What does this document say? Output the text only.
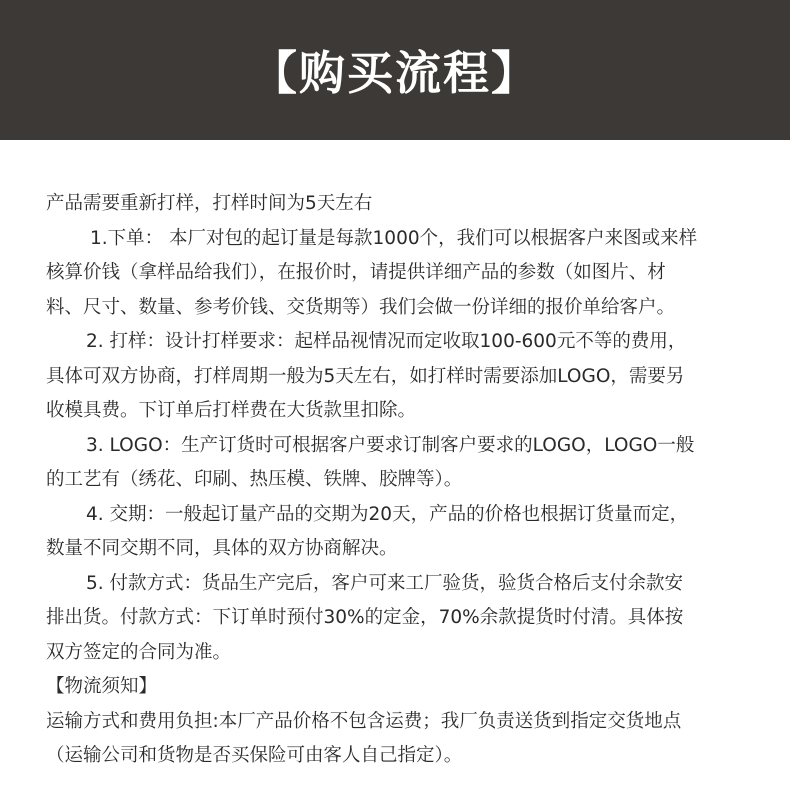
【购买流程】
产品需要重新打样，打样时间为5天左右
1.下单： 本厂对包的起订量是每款1000个，我们可以根据客户来图或来样
核算价钱（拿样品给我们），在报价时，请提供详细产品的参数（如图片、材
料、尺寸、数量、参考价钱、交货期等）我们会做一份详细的报价单给客户。
2. 打样：设计打样要求：起样品视情况而定收取100-600元不等的费用，
具体可双方协商，打样周期一般为5天左右，如打样时需要添加LOGO，需要另
收模具费。下订单后打样费在大货款里扣除。
3. LOGO：生产订货时可根据客户要求订制客户要求的LOGO，LOGO一般
的工艺有（绣花、印刷、热压模、铁牌、胶牌等）。
4. 交期：一般起订量产品的交期为20天，产品的价格也根据订货量而定，
数量不同交期不同，具体的双方协商解决。
5. 付款方式：货品生产完后，客户可来工厂验货，验货合格后支付余款安
排出货。付款方式：下订单时预付30%的定金，70%余款提货时付清。具体按
双方签定的合同为准。
【物流须知】
运输方式和费用负担:本厂产品价格不包含运费；我厂负责送货到指定交货地点
（运输公司和货物是否买保险可由客人自己指定）。
